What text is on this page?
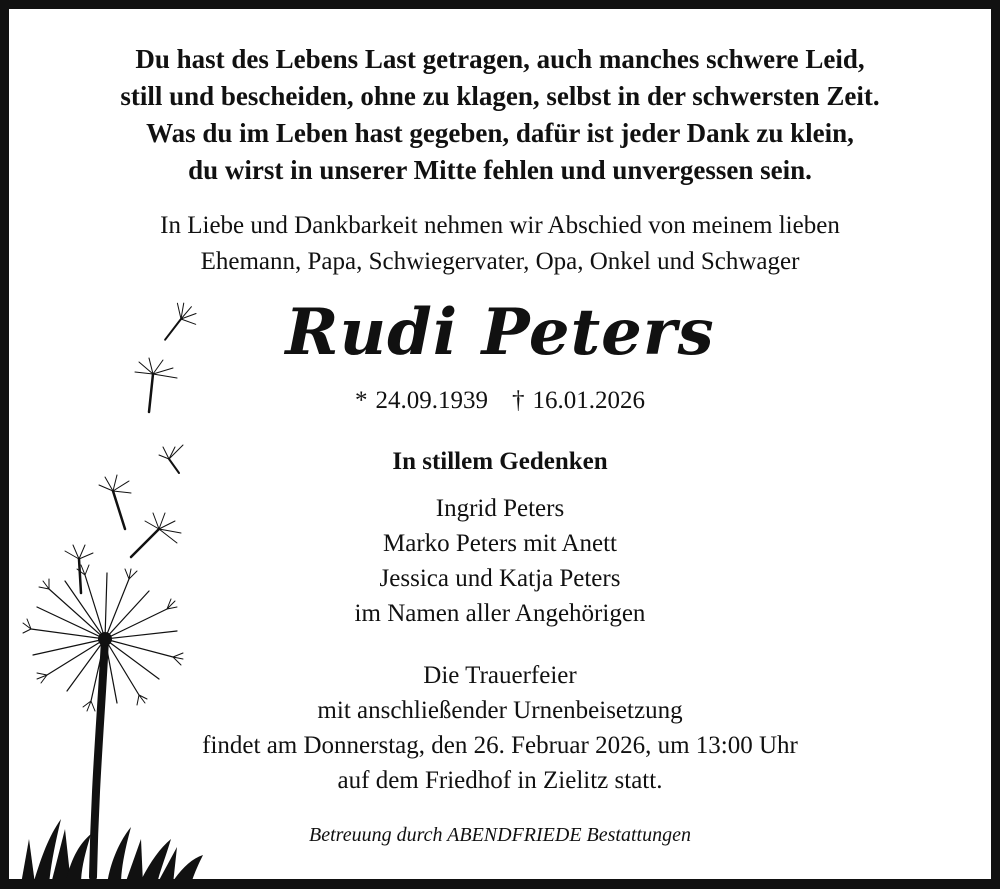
Du hast des Lebens Last getragen, auch manches schwere Leid,
still und bescheiden, ohne zu klagen, selbst in der schwersten Zeit.
Was du im Leben hast gegeben, dafür ist jeder Dank zu klein,
du wirst in unserer Mitte fehlen und unvergessen sein.
In Liebe und Dankbarkeit nehmen wir Abschied von meinem lieben
Ehemann, Papa, Schwiegervater, Opa, Onkel und Schwager
Rudi Peters
* 24.09.1939 † 16.01.2026
In stillem Gedenken
Ingrid Peters
Marko Peters mit Anett
Jessica und Katja Peters
im Namen aller Angehörigen
Die Trauerfeier
mit anschließender Urnenbeisetzung
findet am Donnerstag, den 26. Februar 2026, um 13:00 Uhr
auf dem Friedhof in Zielitz statt.
Betreuung durch ABENDFRIEDE Bestattungen
